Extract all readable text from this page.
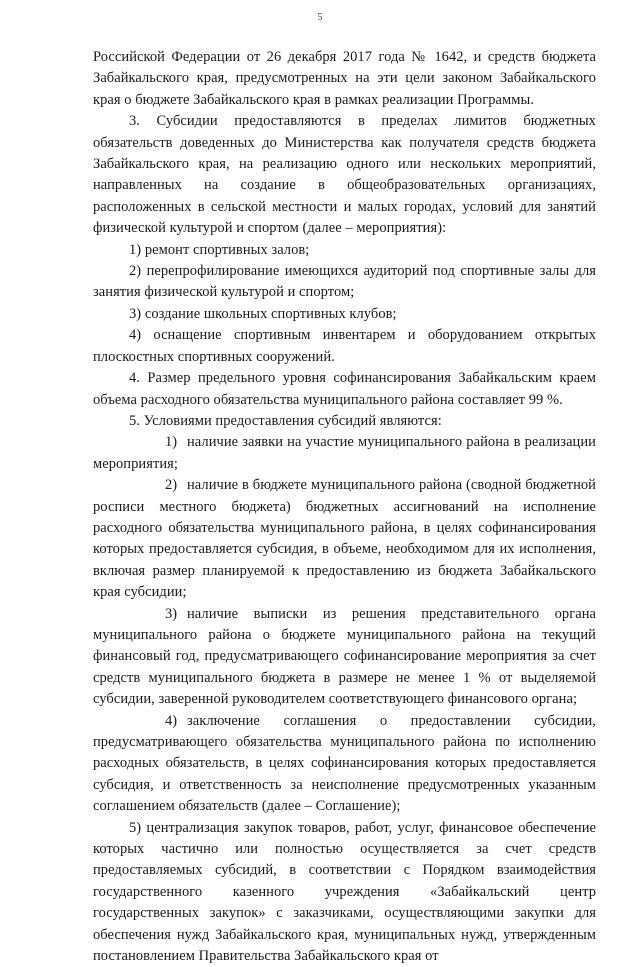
5

Российской Федерации от 26 декабря 2017 года № 1642, и средств бюджета Забайкальского края, предусмотренных на эти цели законом Забайкальского края о бюджете Забайкальского края в рамках реализации Программы.

3. Субсидии предоставляются в пределах лимитов бюджетных обязательств доведенных до Министерства как получателя средств бюджета Забайкальского края, на реализацию одного или нескольких мероприятий, направленных на создание в общеобразовательных организациях, расположенных в сельской местности и малых городах, условий для занятий физической культурой и спортом (далее – мероприятия):

1) ремонт спортивных залов;

2) перепрофилирование имеющихся аудиторий под спортивные залы для занятия физической культурой и спортом;

3) создание школьных спортивных клубов;

4) оснащение спортивным инвентарем и оборудованием открытых плоскостных спортивных сооружений.

4. Размер предельного уровня софинансирования Забайкальским краем объема расходного обязательства муниципального района составляет 99 %.

5. Условиями предоставления субсидий являются:

1) наличие заявки на участие муниципального района в реализации мероприятия;

2) наличие в бюджете муниципального района (сводной бюджетной росписи местного бюджета) бюджетных ассигнований на исполнение расходного обязательства муниципального района, в целях софинансирования которых предоставляется субсидия, в объеме, необходимом для их исполнения, включая размер планируемой к предоставлению из бюджета Забайкальского края субсидии;

3) наличие выписки из решения представительного органа муниципального района о бюджете муниципального района на текущий финансовый год, предусматривающего софинансирование мероприятия за счет средств муниципального бюджета в размере не менее 1 % от выделяемой субсидии, заверенной руководителем соответствующего финансового органа;

4) заключение соглашения о предоставлении субсидии, предусматривающего обязательства муниципального района по исполнению расходных обязательств, в целях софинансирования которых предоставляется субсидия, и ответственность за неисполнение предусмотренных указанным соглашением обязательств (далее – Соглашение);

5) централизация закупок товаров, работ, услуг, финансовое обеспечение которых частично или полностью осуществляется за счет средств предоставляемых субсидий, в соответствии с Порядком взаимодействия государственного казенного учреждения «Забайкальский центр государственных закупок» с заказчиками, осуществляющими закупки для обеспечения нужд Забайкальского края, муниципальных нужд, утвержденным постановлением Правительства Забайкальского края от
